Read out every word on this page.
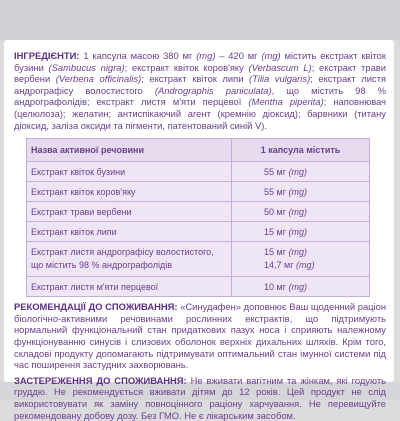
ІНГРЕДІЄНТИ: 1 капсула масою 380 мг (mg) – 420 мг (mg) містить екстракт квіток бузини (Sambucus nigra); екстракт квіток коров'яку (Verbascum L); екстракт трави вербени (Verbena officinalis); екстракт квіток липи (Tilia vulgaris); екстракт листя андрографісу волостистого (Andrographis paniculata), що містить 98 % андрографолідів; екстракт листя м'яти перцевої (Mentha piperita); наповнювач (целюлоза); желатин; антиспікаючий агент (кремнію діоксид); барвники (титану діоксид, заліза оксиди та пігменти, патентований синій V).

Назва активної речовини	1 капсула містить
Екстракт квіток бузини	55 мг (mg)
Екстракт квіток коров'яку	55 мг (mg)
Екстракт трави вербени	50 мг (mg)
Екстракт квіток липи	15 мг (mg)
Екстракт листя андрографісу волостистого,
що містить 98 % андрографолідів	15 мг (mg)
14,7 мг (mg)
Екстракт листя м'яти перцевої	10 мг (mg)

РЕКОМЕНДАЦІЇ ДО СПОЖИВАННЯ: «Синудафен» доповнює Ваш щоденний раціон біологічно-активними речовинами рослинних екстрактів, що підтримують нормальний функціональний стан придаткових пазух носа і сприяють належному функціонуванню синусів і слизових оболонок верхніх дихальних шляхів. Крім того, складові продукту допомагають підтримувати оптимальний стан імунної системи під час поширення застудних захворювань.

ЗАСТЕРЕЖЕННЯ ДО СПОЖИВАННЯ: Не вживати вагітним та жінкам, які годують груддю. Не рекомендується вживати дітям до 12 років. Цей продукт не слід використовувати як заміну повноцінного раціону харчування. Не перевищуйте рекомендовану добову дозу. Без ГМО. Не є лікарським засобом.
